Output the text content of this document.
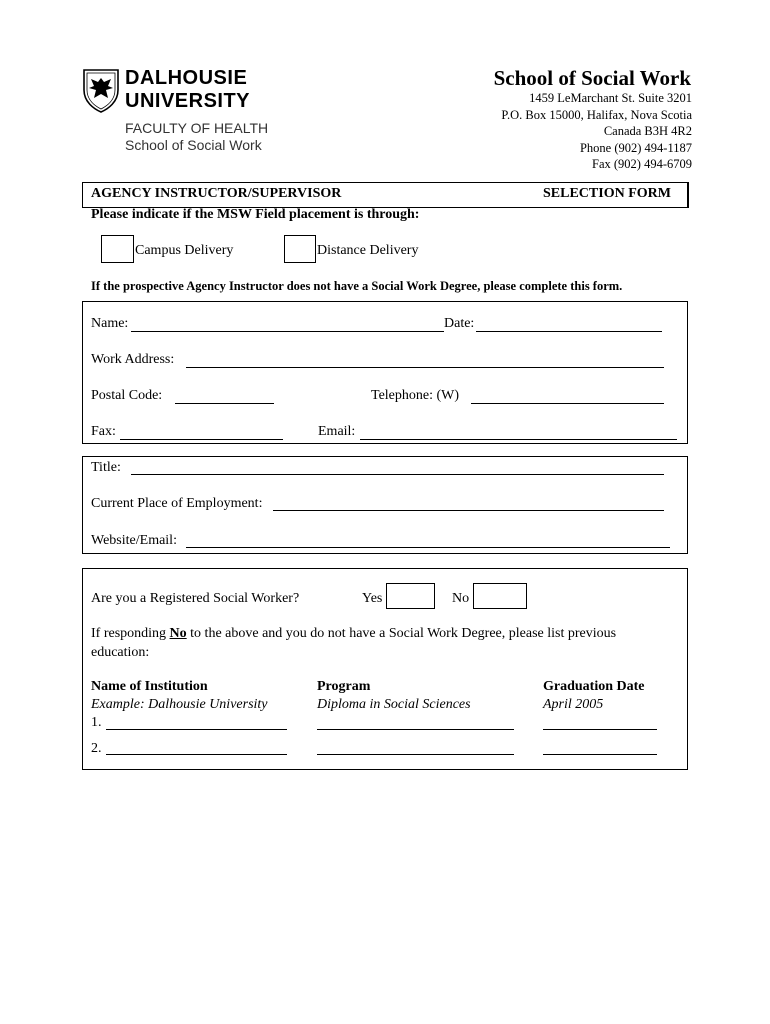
DALHOUSIE
UNIVERSITY
FACULTY OF HEALTH
School of Social Work
School of Social Work
1459 LeMarchant St. Suite 3201
P.O. Box 15000, Halifax, Nova Scotia
Canada B3H 4R2
Phone (902) 494-1187
Fax (902) 494-6709
AGENCY INSTRUCTOR/SUPERVISOR	SELECTION FORM
Please indicate if the MSW Field placement is through:
Campus Delivery	Distance Delivery
If the prospective Agency Instructor does not have a Social Work Degree, please complete this form.
Name:	Date:
Work Address:
Postal Code:	Telephone: (W)
Fax:	Email:
Title:
Current Place of Employment:
Website/Email:
Are you a Registered Social Worker?	Yes	No
If responding No to the above and you do not have a Social Work Degree, please list previous
education:
Name of Institution	Program	Graduation Date
Example: Dalhousie University	Diploma in Social Sciences	April 2005
1.
2.
